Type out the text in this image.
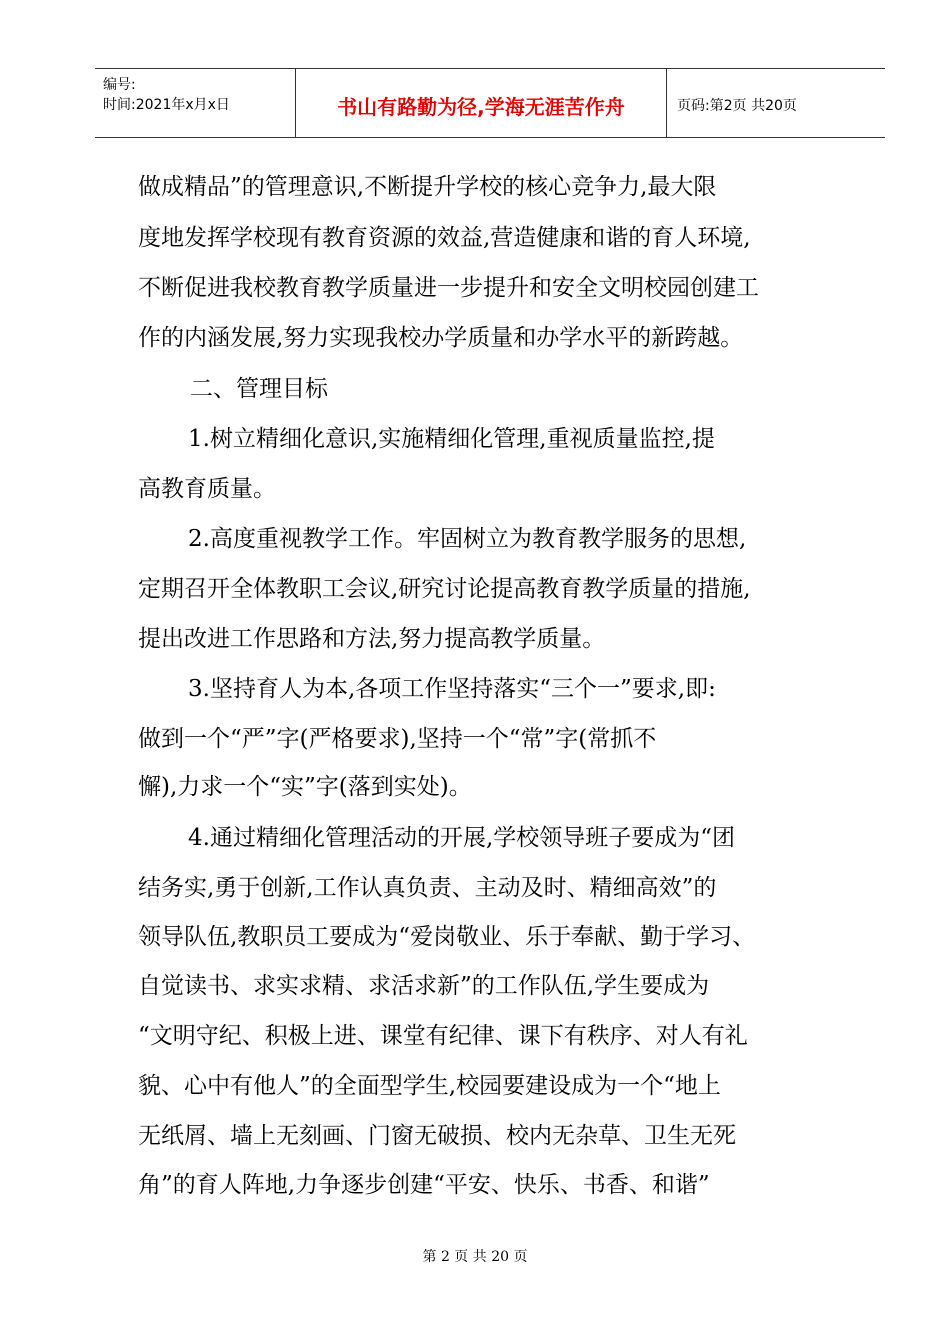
编号:
时间:2021年x月x日	书山有路勤为径,学海无涯苦作舟	页码:第2页 共20页
做成精品”的管理意识,不断提升学校的核心竞争力,最大限
度地发挥学校现有教育资源的效益,营造健康和谐的育人环境,
不断促进我校教育教学质量进一步提升和安全文明校园创建工
作的内涵发展,努力实现我校办学质量和办学水平的新跨越。
二、管理目标
1.树立精细化意识,实施精细化管理,重视质量监控,提
高教育质量。
2.高度重视教学工作。牢固树立为教育教学服务的思想,
定期召开全体教职工会议,研究讨论提高教育教学质量的措施,
提出改进工作思路和方法,努力提高教学质量。
3.坚持育人为本,各项工作坚持落实“三个一”要求,即:
做到一个“严”字(严格要求),坚持一个“常”字(常抓不
懈),力求一个“实”字(落到实处)。
4.通过精细化管理活动的开展,学校领导班子要成为“团
结务实,勇于创新,工作认真负责、主动及时、精细高效”的
领导队伍,教职员工要成为“爱岗敬业、乐于奉献、勤于学习、
自觉读书、求实求精、求活求新”的工作队伍,学生要成为
“文明守纪、积极上进、课堂有纪律、课下有秩序、对人有礼
貌、心中有他人”的全面型学生,校园要建设成为一个“地上
无纸屑、墙上无刻画、门窗无破损、校内无杂草、卫生无死
角”的育人阵地,力争逐步创建“平安、快乐、书香、和谐”
第 2 页 共 20 页
